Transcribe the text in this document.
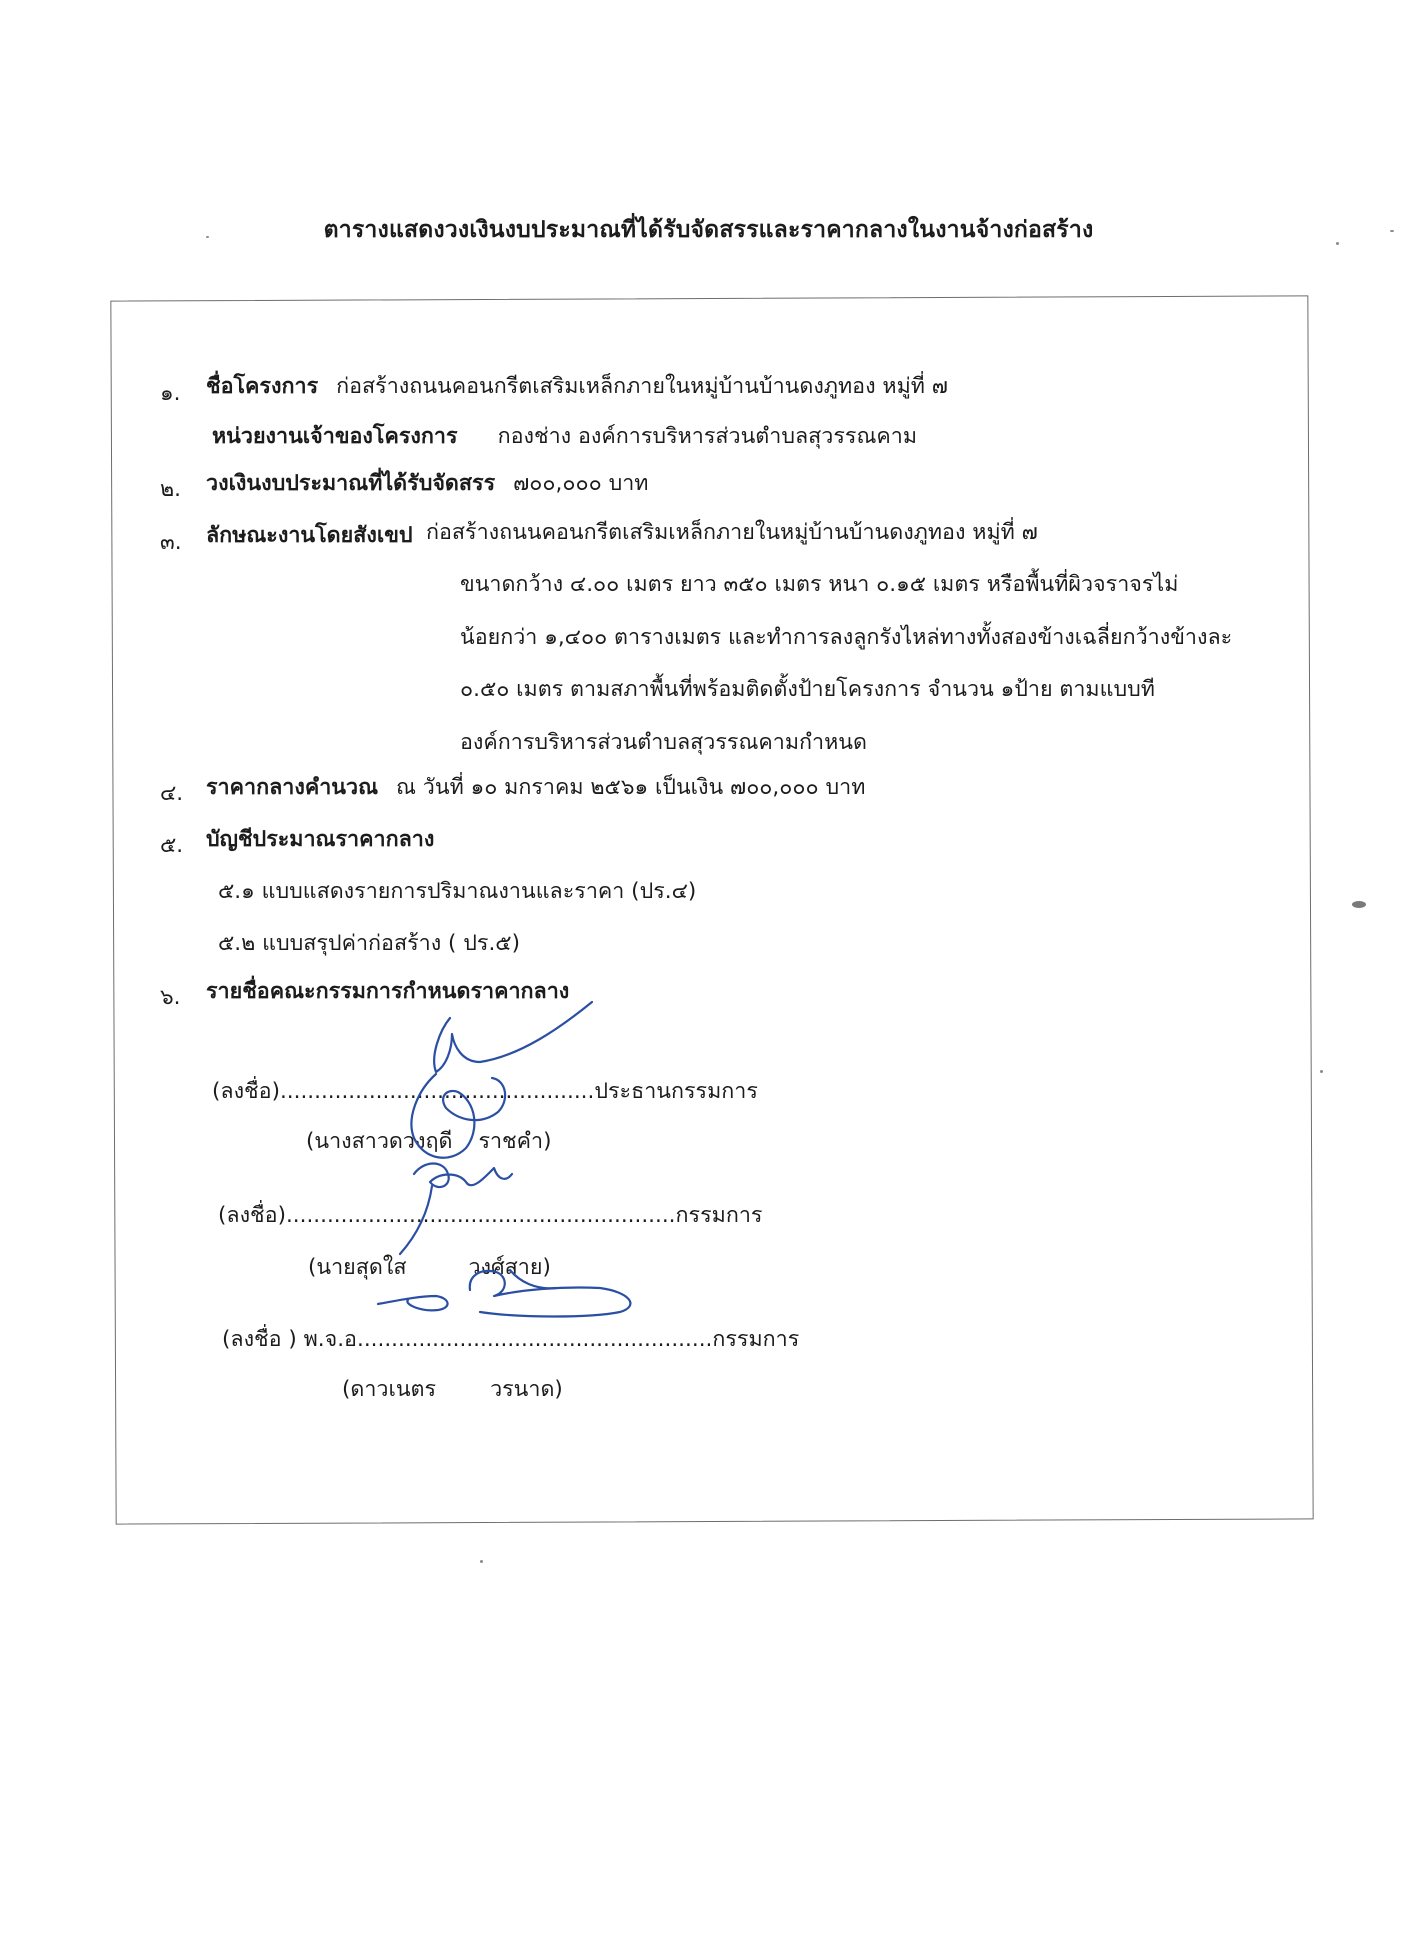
ตารางแสดงวงเงินงบประมาณที่ได้รับจัดสรรและราคากลางในงานจ้างก่อสร้าง
๑. ชื่อโครงการ ก่อสร้างถนนคอนกรีตเสริมเหล็กภายในหมู่บ้านบ้านดงภูทอง หมู่ที่ ๗
หน่วยงานเจ้าของโครงการ กองช่าง องค์การบริหารส่วนตำบลสุวรรณคาม
๒. วงเงินงบประมาณที่ได้รับจัดสรร ๗๐๐,๐๐๐ บาท
๓. ลักษณะงานโดยสังเขป ก่อสร้างถนนคอนกรีตเสริมเหล็กภายในหมู่บ้านบ้านดงภูทอง หมู่ที่ ๗
ขนาดกว้าง ๔.๐๐ เมตร ยาว ๓๕๐ เมตร หนา ๐.๑๕ เมตร หรือพื้นที่ผิวจราจรไม่
น้อยกว่า ๑,๔๐๐ ตารางเมตร และทำการลงลูกรังไหล่ทางทั้งสองข้างเฉลี่ยกว้างข้างละ
๐.๕๐ เมตร ตามสภาพื้นที่พร้อมติดตั้งป้ายโครงการ จำนวน ๑ป้าย ตามแบบที
องค์การบริหารส่วนตำบลสุวรรณคามกำหนด
๔. ราคากลางคำนวณ ณ วันที่ ๑๐ มกราคม ๒๕๖๑ เป็นเงิน ๗๐๐,๐๐๐ บาท
๕. บัญชีประมาณราคากลาง
๕.๑ แบบแสดงรายการปริมาณงานและราคา (ปร.๔)
๕.๒ แบบสรุปค่าก่อสร้าง ( ปร.๕)
๖. รายชื่อคณะกรรมการกำหนดราคากลาง
(ลงชื่อ)..............................................ประธานกรรมการ
(นางสาวดวงฤดี ราชคำ)
(ลงชื่อ).........................................................กรรมการ
(นายสุดใส	วงศ์สาย)
(ลงชื่อ ) พ.จ.อ....................................................กรรมการ
(ดาวเนตร	วรนาด)
